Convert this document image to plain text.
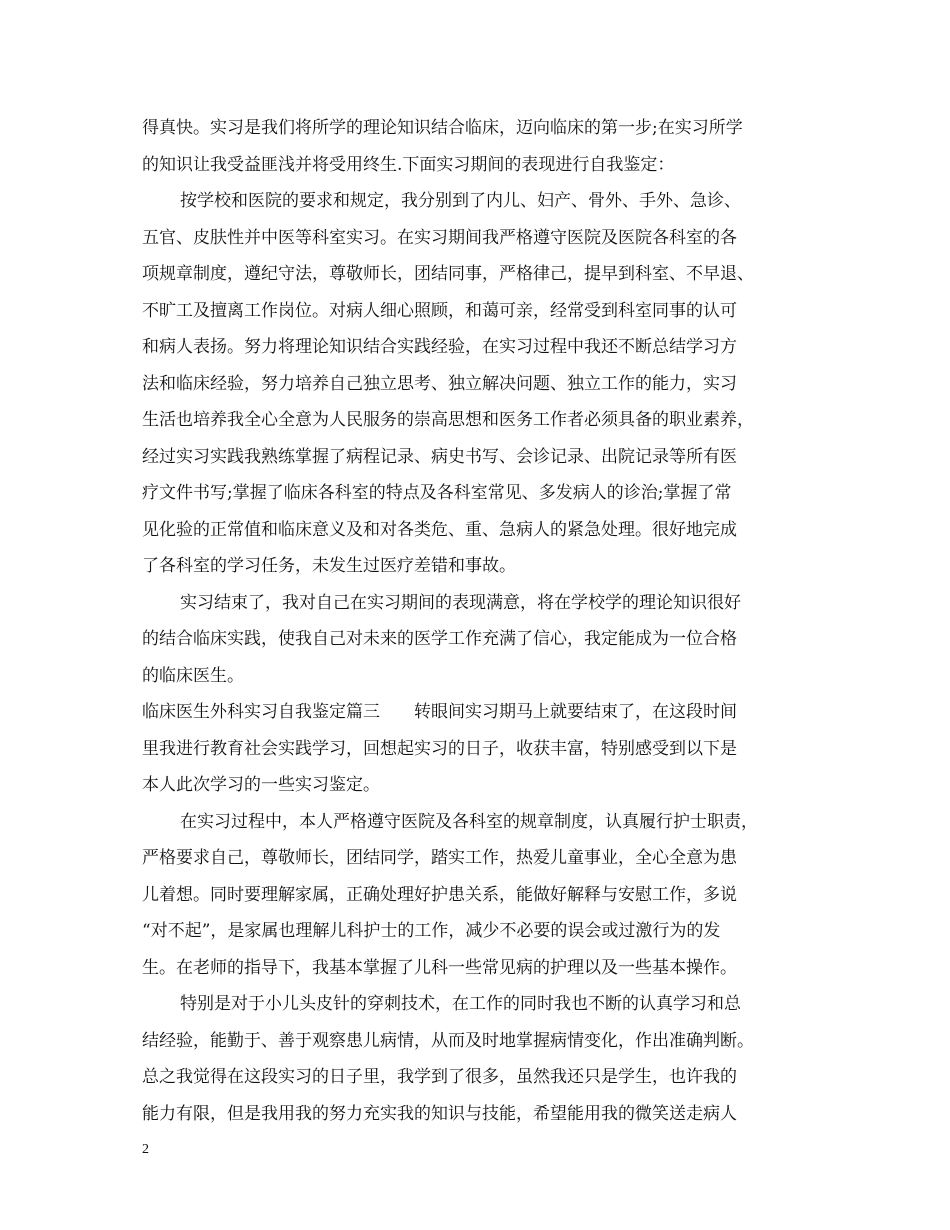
得真快。实习是我们将所学的理论知识结合临床，迈向临床的第一步;在实习所学

的知识让我受益匪浅并将受用终生.下面实习期间的表现进行自我鉴定：

按学校和医院的要求和规定，我分别到了内儿、妇产、骨外、手外、急诊、

五官、皮肤性并中医等科室实习。在实习期间我严格遵守医院及医院各科室的各

项规章制度，遵纪守法，尊敬师长，团结同事，严格律己，提早到科室、不早退、

不旷工及擅离工作岗位。对病人细心照顾，和蔼可亲，经常受到科室同事的认可

和病人表扬。努力将理论知识结合实践经验，在实习过程中我还不断总结学习方

法和临床经验，努力培养自己独立思考、独立解决问题、独立工作的能力，实习

生活也培养我全心全意为人民服务的崇高思想和医务工作者必须具备的职业素养，

经过实习实践我熟练掌握了病程记录、病史书写、会诊记录、出院记录等所有医

疗文件书写;掌握了临床各科室的特点及各科室常见、多发病人的诊治;掌握了常

见化验的正常值和临床意义及和对各类危、重、急病人的紧急处理。很好地完成

了各科室的学习任务，未发生过医疗差错和事故。

实习结束了，我对自己在实习期间的表现满意，将在学校学的理论知识很好

的结合临床实践，使我自己对未来的医学工作充满了信心，我定能成为一位合格

的临床医生。

临床医生外科实习自我鉴定篇三　　转眼间实习期马上就要结束了，在这段时间

里我进行教育社会实践学习，回想起实习的日子，收获丰富，特别感受到以下是

本人此次学习的一些实习鉴定。

在实习过程中，本人严格遵守医院及各科室的规章制度，认真履行护士职责，

严格要求自己，尊敬师长，团结同学，踏实工作，热爱儿童事业，全心全意为患

儿着想。同时要理解家属，正确处理好护患关系，能做好解释与安慰工作，多说

“对不起”，是家属也理解儿科护士的工作，减少不必要的误会或过激行为的发

生。在老师的指导下，我基本掌握了儿科一些常见病的护理以及一些基本操作。

特别是对于小儿头皮针的穿刺技术，在工作的同时我也不断的认真学习和总

结经验，能勤于、善于观察患儿病情，从而及时地掌握病情变化，作出准确判断。

总之我觉得在这段实习的日子里，我学到了很多，虽然我还只是学生，也许我的

能力有限，但是我用我的努力充实我的知识与技能，希望能用我的微笑送走病人

2
